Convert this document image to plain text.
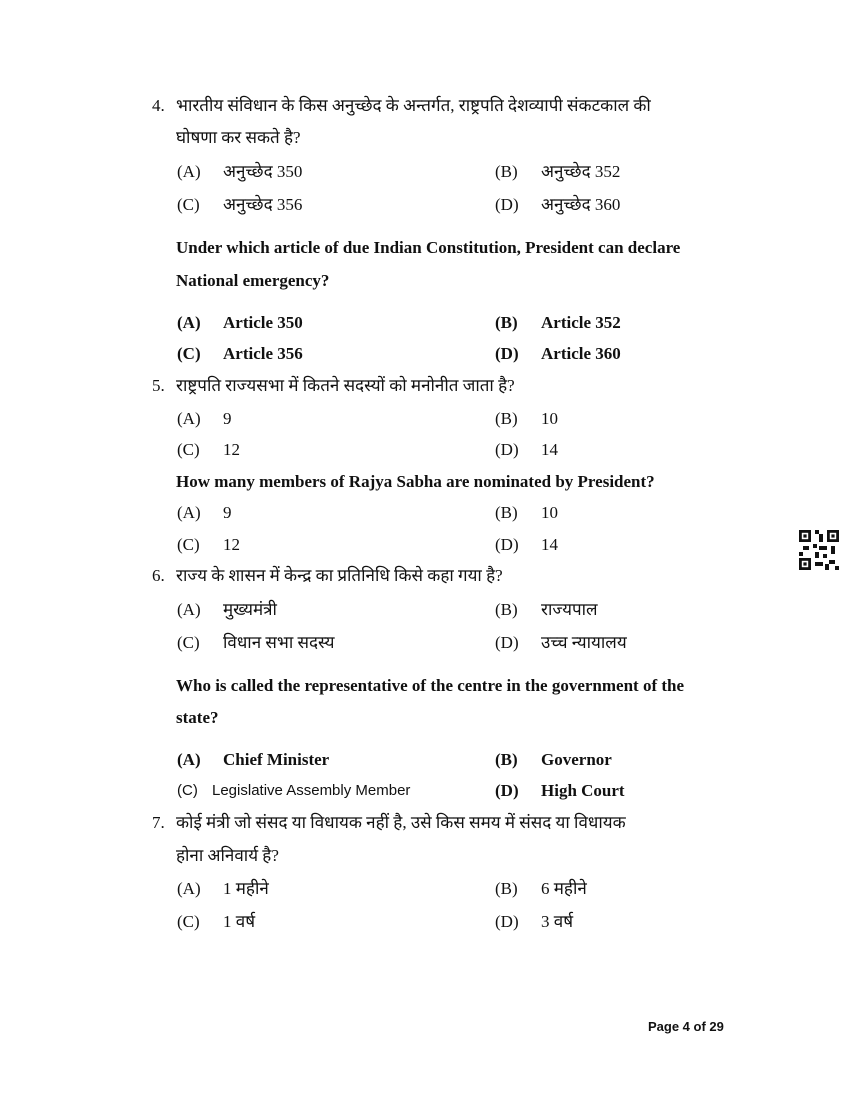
4. भारतीय संविधान के किस अनुच्छेद के अन्तर्गत, राष्ट्रपति देशव्यापी संकटकाल की
घोषणा कर सकते है?
(A) अनुच्छेद 350	(B) अनुच्छेद 352
(C) अनुच्छेद 356	(D) अनुच्छेद 360
Under which article of due Indian Constitution, President can declare
National emergency?
(A) Article 350	(B) Article 352
(C) Article 356	(D) Article 360
5. राष्ट्रपति राज्यसभा में कितने सदस्यों को मनोनीत जाता है?
(A) 9	(B) 10
(C) 12	(D) 14
How many members of Rajya Sabha are nominated by President?
(A) 9	(B) 10
(C) 12	(D) 14
6. राज्य के शासन में केन्द्र का प्रतिनिधि किसे कहा गया है?
(A) मुख्यमंत्री	(B) राज्यपाल
(C) विधान सभा सदस्य	(D) उच्च न्यायालय
Who is called the representative of the centre in the government of the
state?
(A) Chief Minister	(B) Governor
(C) Legislative Assembly Member	(D) High Court
7. कोई मंत्री जो संसद या विधायक नहीं है, उसे किस समय में संसद या विधायक
होना अनिवार्य है?
(A) 1 महीने	(B) 6 महीने
(C) 1 वर्ष	(D) 3 वर्ष
Page 4 of 29
